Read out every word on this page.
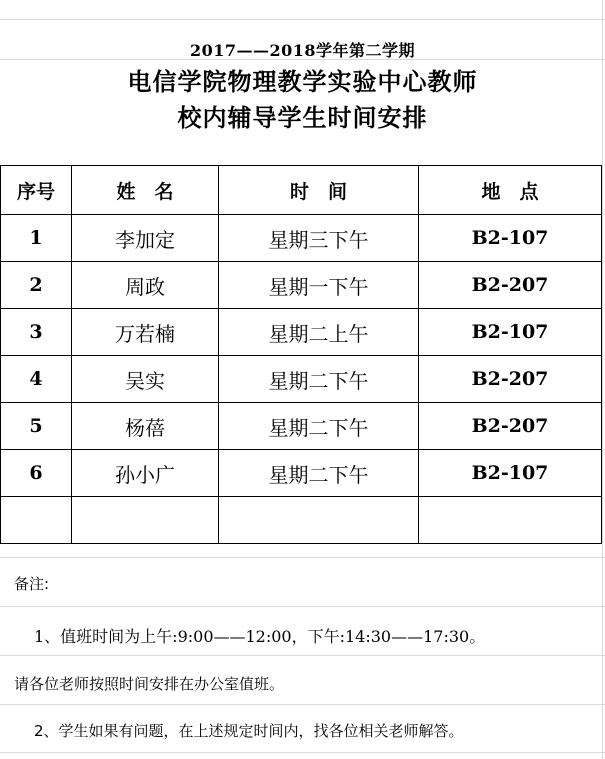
2017——2018学年第二学期
电信学院物理教学实验中心教师
校内辅导学生时间安排
序号	姓　名	时　间	地　点
1	李加定	星期三下午	B2-107
2	周政	星期一下午	B2-207
3	万若楠	星期二上午	B2-107
4	吴实	星期二下午	B2-207
5	杨蓓	星期二下午	B2-207
6	孙小广	星期二下午	B2-107

备注:
1、值班时间为上午:9:00——12:00，下午:14:30——17:30。
请各位老师按照时间安排在办公室值班。
2、学生如果有问题，在上述规定时间内，找各位相关老师解答。
